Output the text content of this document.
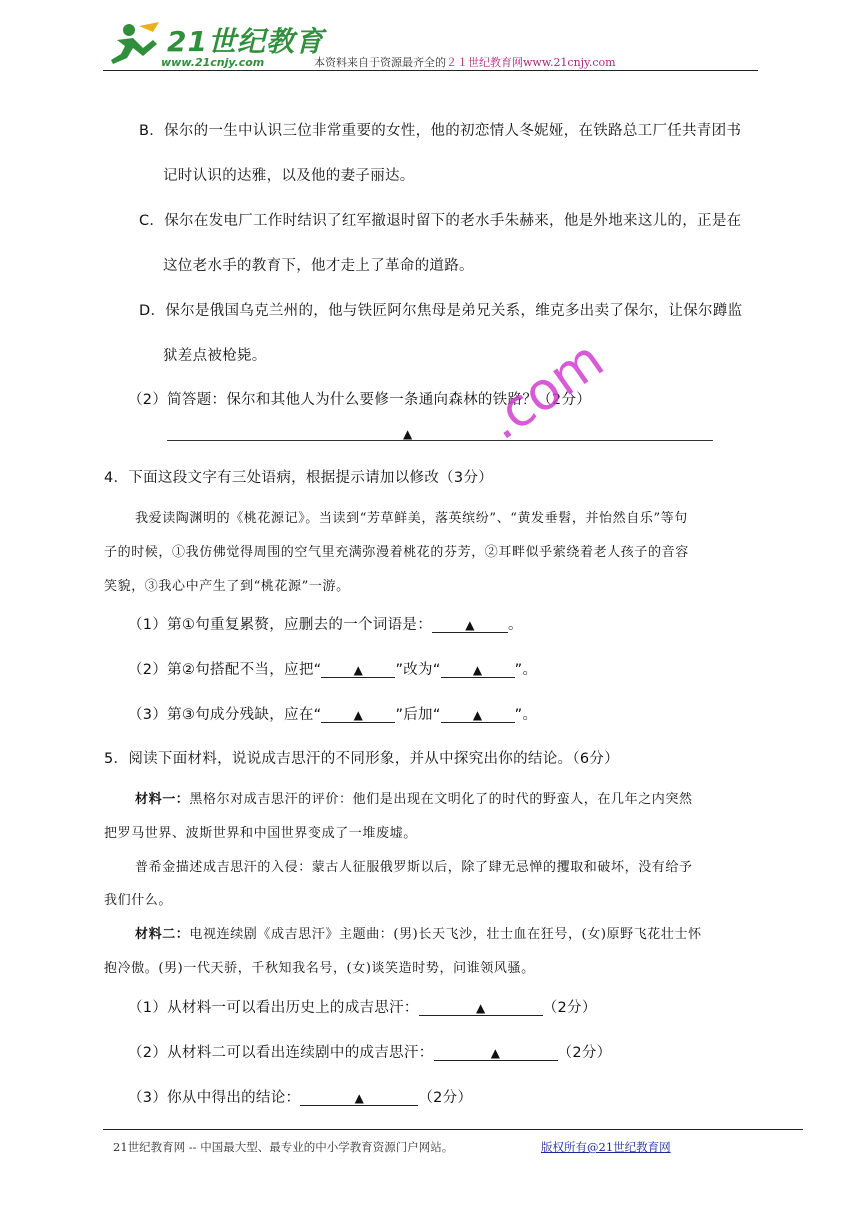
21世纪教育
www.21cnjy.com	本资料来自于资源最齐全的２１世纪教育网www.21cnjy.com
B．保尔的一生中认识三位非常重要的女性，他的初恋情人冬妮娅，在铁路总工厂任共青团书
记时认识的达雅，以及他的妻子丽达。
C．保尔在发电厂工作时结识了红军撤退时留下的老水手朱赫来，他是外地来这儿的，正是在
这位老水手的教育下，他才走上了革命的道路。
D．保尔是俄国乌克兰州的，他与铁匠阿尔焦母是弟兄关系，维克多出卖了保尔，让保尔蹲监
狱差点被枪毙。
（2）简答题：保尔和其他人为什么要修一条通向森林的铁路？（2分）
▲ .com
4．下面这段文字有三处语病，根据提示请加以修改（3分）
我爱读陶渊明的《桃花源记》。当读到“芳草鲜美，落英缤纷”、“黄发垂髫，并怡然自乐”等句
子的时候，①我仿佛觉得周围的空气里充满弥漫着桃花的芬芳，②耳畔似乎萦绕着老人孩子的音容
笑貌，③我心中产生了到“桃花源”一游。
（1）第①句重复累赘，应删去的一个词语是：	▲ 。
（2）第②句搭配不当，应把“	▲ ”改为“	▲ ”。
（3）第③句成分残缺，应在“	▲ ”后加“	▲ ”。
5．阅读下面材料，说说成吉思汗的不同形象，并从中探究出你的结论。（6分）
材料一：黑格尔对成吉思汗的评价：他们是出现在文明化了的时代的野蛮人，在几年之内突然
把罗马世界、波斯世界和中国世界变成了一堆废墟。
普希金描述成吉思汗的入侵：蒙古人征服俄罗斯以后，除了肆无忌惮的攫取和破坏，没有给予
我们什么。
材料二：电视连续剧《成吉思汗》主题曲：(男)长天飞沙，壮士血在狂号，(女)原野飞花壮士怀
抱冷傲。(男)一代天骄，千秋知我名号，(女)谈笑造时势，问谁领风骚。
（1）从材料一可以看出历史上的成吉思汗：	▲	（2分）
（2）从材料二可以看出连续剧中的成吉思汗：	▲	（2分）
（3）你从中得出的结论：	▲	（2分）
21世纪教育网 -- 中国最大型、最专业的中小学教育资源门户网站。	版权所有@21世纪教育网
